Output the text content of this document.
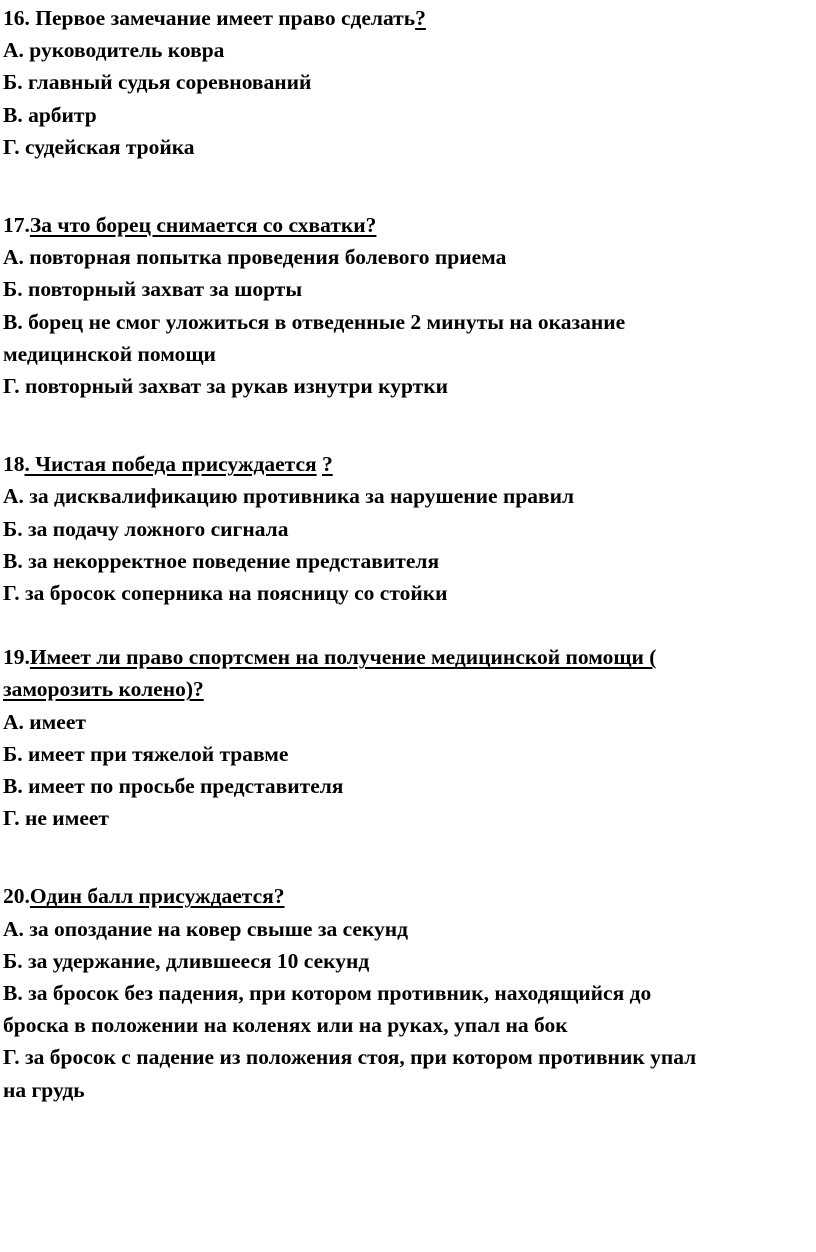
16. Первое замечание имеет право сделать?
А. руководитель ковра
Б. главный судья соревнований
В. арбитр
Г. судейская тройка
17.За что борец снимается со схватки?
А. повторная попытка проведения болевого приема
Б. повторный захват за шорты
В. борец не смог уложиться в отведенные 2 минуты на оказание
медицинской помощи
Г. повторный захват за рукав изнутри куртки
18. Чистая победа присуждается ?
А. за дисквалификацию противника за нарушение правил
Б. за подачу ложного сигнала
В. за некорректное поведение представителя
Г. за бросок соперника на поясницу со стойки
19.Имеет ли право спортсмен на получение медицинской помощи (
заморозить колено)?
А. имеет
Б. имеет при тяжелой травме
В. имеет по просьбе представителя
Г. не имеет
20.Один балл присуждается?
А. за опоздание на ковер свыше за секунд
Б. за удержание, длившееся 10 секунд
В. за бросок без падения, при котором противник, находящийся до
броска в положении на коленях или на руках, упал на бок
Г. за бросок с падение из положения стоя, при котором противник упал
на грудь
